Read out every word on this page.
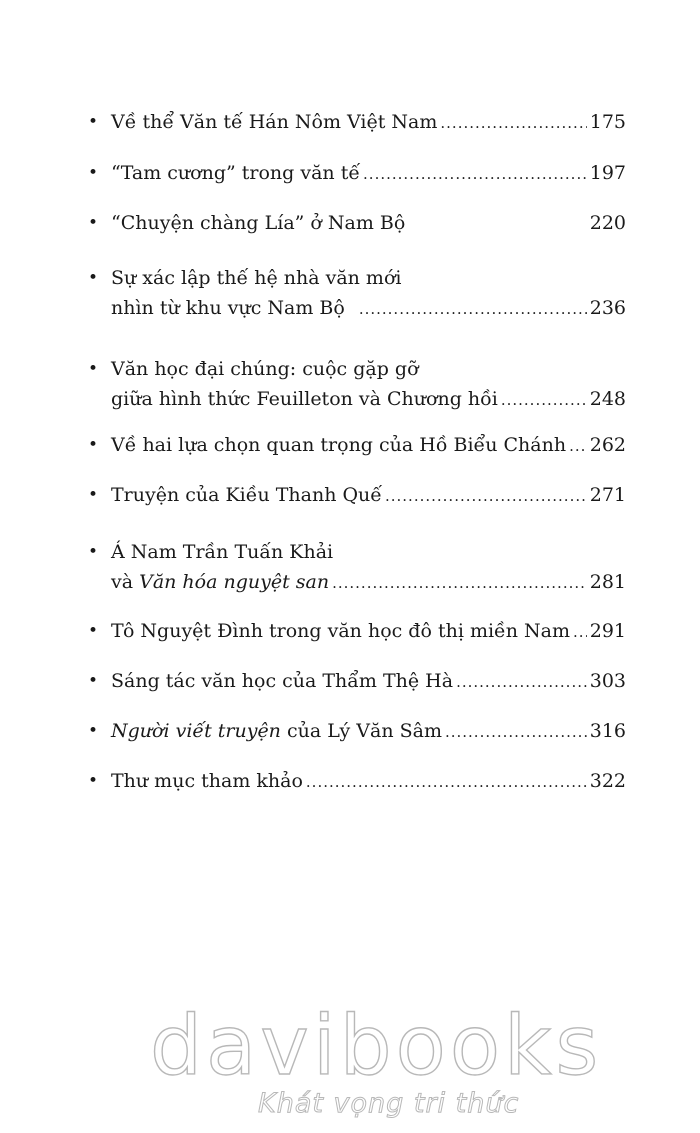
• Về thể Văn tế Hán Nôm Việt Nam .....	175
• “Tam cương” trong văn tế .....	197
• “Chuyện chàng Lía” ở Nam Bộ	220
• Sự xác lập thế hệ nhà văn mới
nhìn từ khu vực Nam Bộ .....	236
• Văn học đại chúng: cuộc gặp gỡ
giữa hình thức Feuilleton và Chương hồi .....	248
• Về hai lựa chọn quan trọng của Hồ Biểu Chánh ..... 262
• Truyện của Kiều Thanh Quế .....	271
• Á Nam Trần Tuấn Khải
và Văn hóa nguyệt san .....	281
• Tô Nguyệt Đình trong văn học đô thị miền Nam ..... 291
• Sáng tác văn học của Thẩm Thệ Hà .....	303
• Người viết truyện của Lý Văn Sâm .....	316
• Thư mục tham khảo .....	322
davibooks
Khát vọng tri thức
